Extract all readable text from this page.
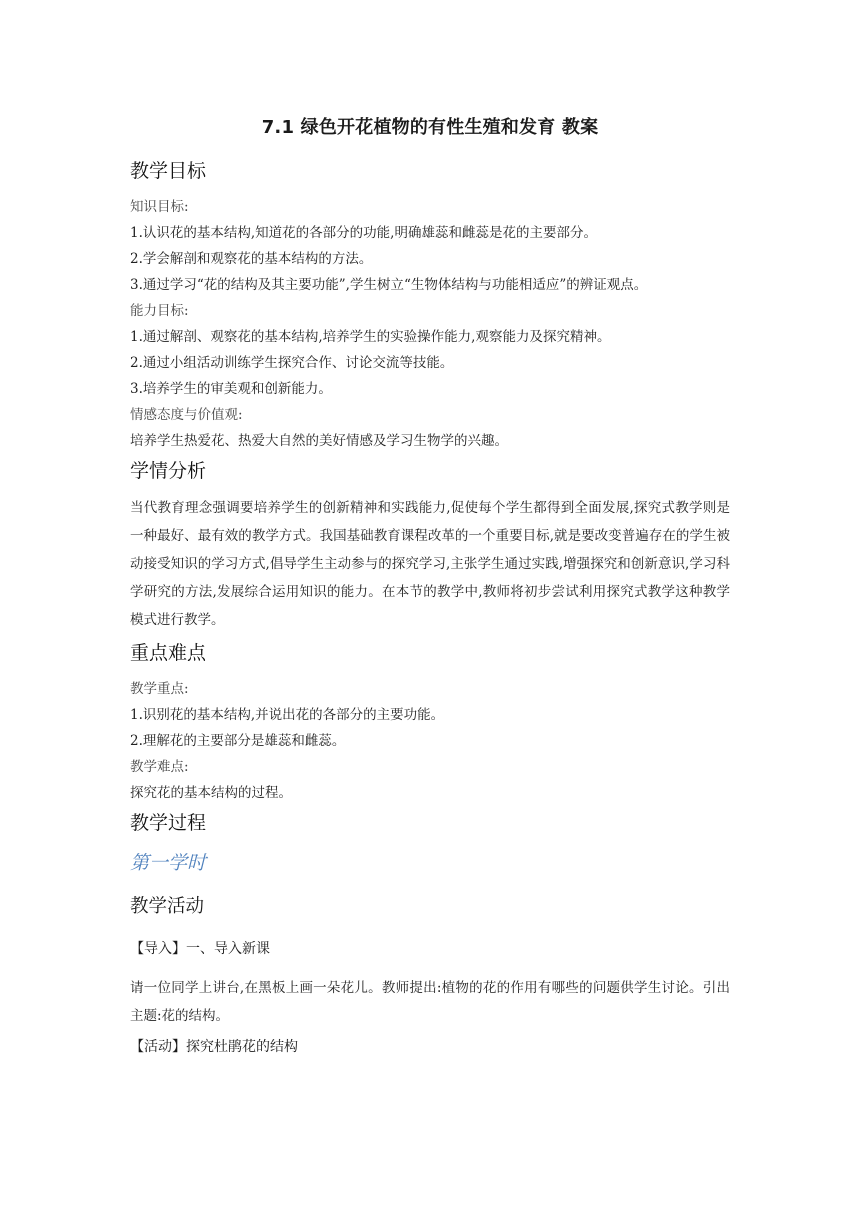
7.1 绿色开花植物的有性生殖和发育 教案
教学目标

知识目标:

1.认识花的基本结构,知道花的各部分的功能,明确雄蕊和雌蕊是花的主要部分。

2.学会解剖和观察花的基本结构的方法。

3.通过学习“花的结构及其主要功能”,学生树立“生物体结构与功能相适应”的辨证观点。

能力目标:

1.通过解剖、观察花的基本结构,培养学生的实验操作能力,观察能力及探究精神。

2.通过小组活动训练学生探究合作、讨论交流等技能。

3.培养学生的审美观和创新能力。

情感态度与价值观:

培养学生热爱花、热爱大自然的美好情感及学习生物学的兴趣。

学情分析

当代教育理念强调要培养学生的创新精神和实践能力,促使每个学生都得到全面发展,探究式教学则是一种最好、最有效的教学方式。我国基础教育课程改革的一个重要目标,就是要改变普遍存在的学生被动接受知识的学习方式,倡导学生主动参与的探究学习,主张学生通过实践,增强探究和创新意识,学习科学研究的方法,发展综合运用知识的能力。在本节的教学中,教师将初步尝试利用探究式教学这种教学模式进行教学。

重点难点

教学重点:

1.识别花的基本结构,并说出花的各部分的主要功能。

2.理解花的主要部分是雄蕊和雌蕊。

教学难点:

探究花的基本结构的过程。

教学过程
第一学时
教学活动
【导入】一、导入新课

请一位同学上讲台,在黑板上画一朵花儿。教师提出:植物的花的作用有哪些的问题供学生讨论。引出主题:花的结构。

【活动】探究杜鹃花的结构
